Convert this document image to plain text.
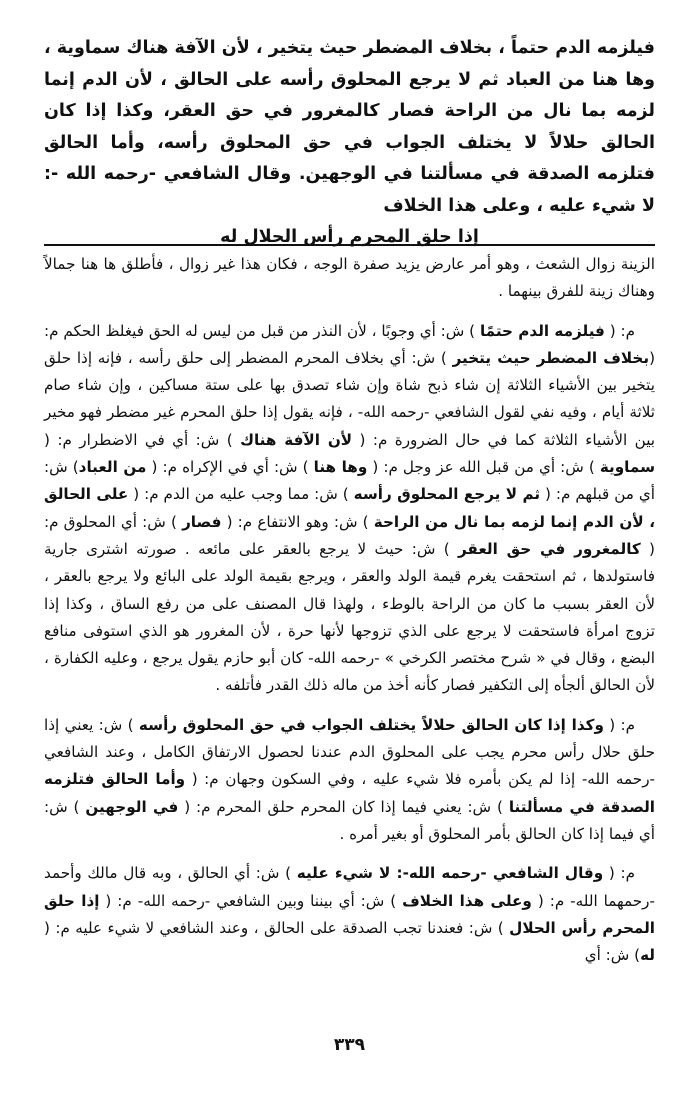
فيلزمه الدم حتماً ، بخلاف المضطر حيث يتخير ، لأن الآفة هناك سماوية ، وها هنا من العباد ثم لا يرجع المحلوق رأسه على الحالق ، لأن الدم إنما لزمه بما نال من الراحة فصار كالمغرور في حق العقر، وكذا إذا كان الحالق حلالاً لا يختلف الجواب في حق المحلوق رأسه، وأما الحالق فتلزمه الصدقة في مسألتنا في الوجهين. وقال الشافعي -رحمه الله -: لا شيء عليه ، وعلى هذا الخلاف
إذا حلق المحرم رأس الحلال له

الزينة زوال الشعث ، وهو أمر عارض يزيد صفرة الوجه ، فكان هذا غير زوال ، فأطلق ها هنا جمالاً وهناك زينة للفرق بينهما .

م: ( فيلزمه الدم حتمًا ) ش: أي وجوبًا ، لأن النذر من قبل من ليس له الحق فيغلظ الحكم م: (بخلاف المضطر حيث يتخير ) ش: أي بخلاف المحرم المضطر إلى حلق رأسه ، فإنه إذا حلق يتخير بين الأشياء الثلاثة إن شاء ذبح شاة وإن شاء تصدق بها على ستة مساكين ، وإن شاء صام ثلاثة أيام ، وفيه نفي لقول الشافعي -رحمه الله- ، فإنه يقول إذا حلق المحرم غير مضطر فهو مخير بين الأشياء الثلاثة كما في حال الضرورة م: ( لأن الآفة هناك ) ش: أي في الاضطرار م: ( سماوية ) ش: أي من قبل الله عز وجل م: ( وها هنا ) ش: أي في الإكراه م: ( من العباد) ش: أي من قبلهم م: ( ثم لا يرجع المحلوق رأسه ) ش: مما وجب عليه من الدم م: ( على الحالق ، لأن الدم إنما لزمه بما نال من الراحة ) ش: وهو الانتفاع م: ( فصار ) ش: أي المحلوق م: ( كالمغرور في حق العقر ) ش: حيث لا يرجع بالعقر على مائعه . صورته اشترى جارية فاستولدها ، ثم استحقت يغرم قيمة الولد والعقر ، ويرجع بقيمة الولد على البائع ولا يرجع بالعقر ، لأن العقر بسبب ما كان من الراحة بالوطء ، ولهذا قال المصنف على من رفع الساق ، وكذا إذا تزوج امرأة فاستحقت لا يرجع على الذي تزوجها لأنها حرة ، لأن المغرور هو الذي استوفى منافع البضع ، وقال في « شرح مختصر الكرخي » -رحمه الله- كان أبو حازم يقول يرجع ، وعليه الكفارة ، لأن الحالق ألجأه إلى التكفير فصار كأنه أخذ من ماله ذلك القدر فأتلفه .

م: ( وكذا إذا كان الحالق حلالاً يختلف الجواب في حق المحلوق رأسه ) ش: يعني إذا حلق حلال رأس محرم يجب على المحلوق الدم عندنا لحصول الارتفاق الكامل ، وعند الشافعي -رحمه الله- إذا لم يكن بأمره فلا شيء عليه ، وفي السكون وجهان م: ( وأما الحالق فتلزمه الصدقة في مسألتنا ) ش: يعني فيما إذا كان المحرم حلق المحرم م: ( في الوجهين ) ش: أي فيما إذا كان الحالق بأمر المحلوق أو بغير أمره .

م: ( وقال الشافعي -رحمه الله-: لا شيء عليه ) ش: أي الحالق ، وبه قال مالك وأحمد -رحمهما الله- م: ( وعلى هذا الخلاف ) ش: أي بيننا وبين الشافعي -رحمه الله- م: ( إذا حلق المحرم رأس الحلال ) ش: فعندنا تجب الصدقة على الحالق ، وعند الشافعي لا شيء عليه م: ( له) ش: أي

٣٣٩
